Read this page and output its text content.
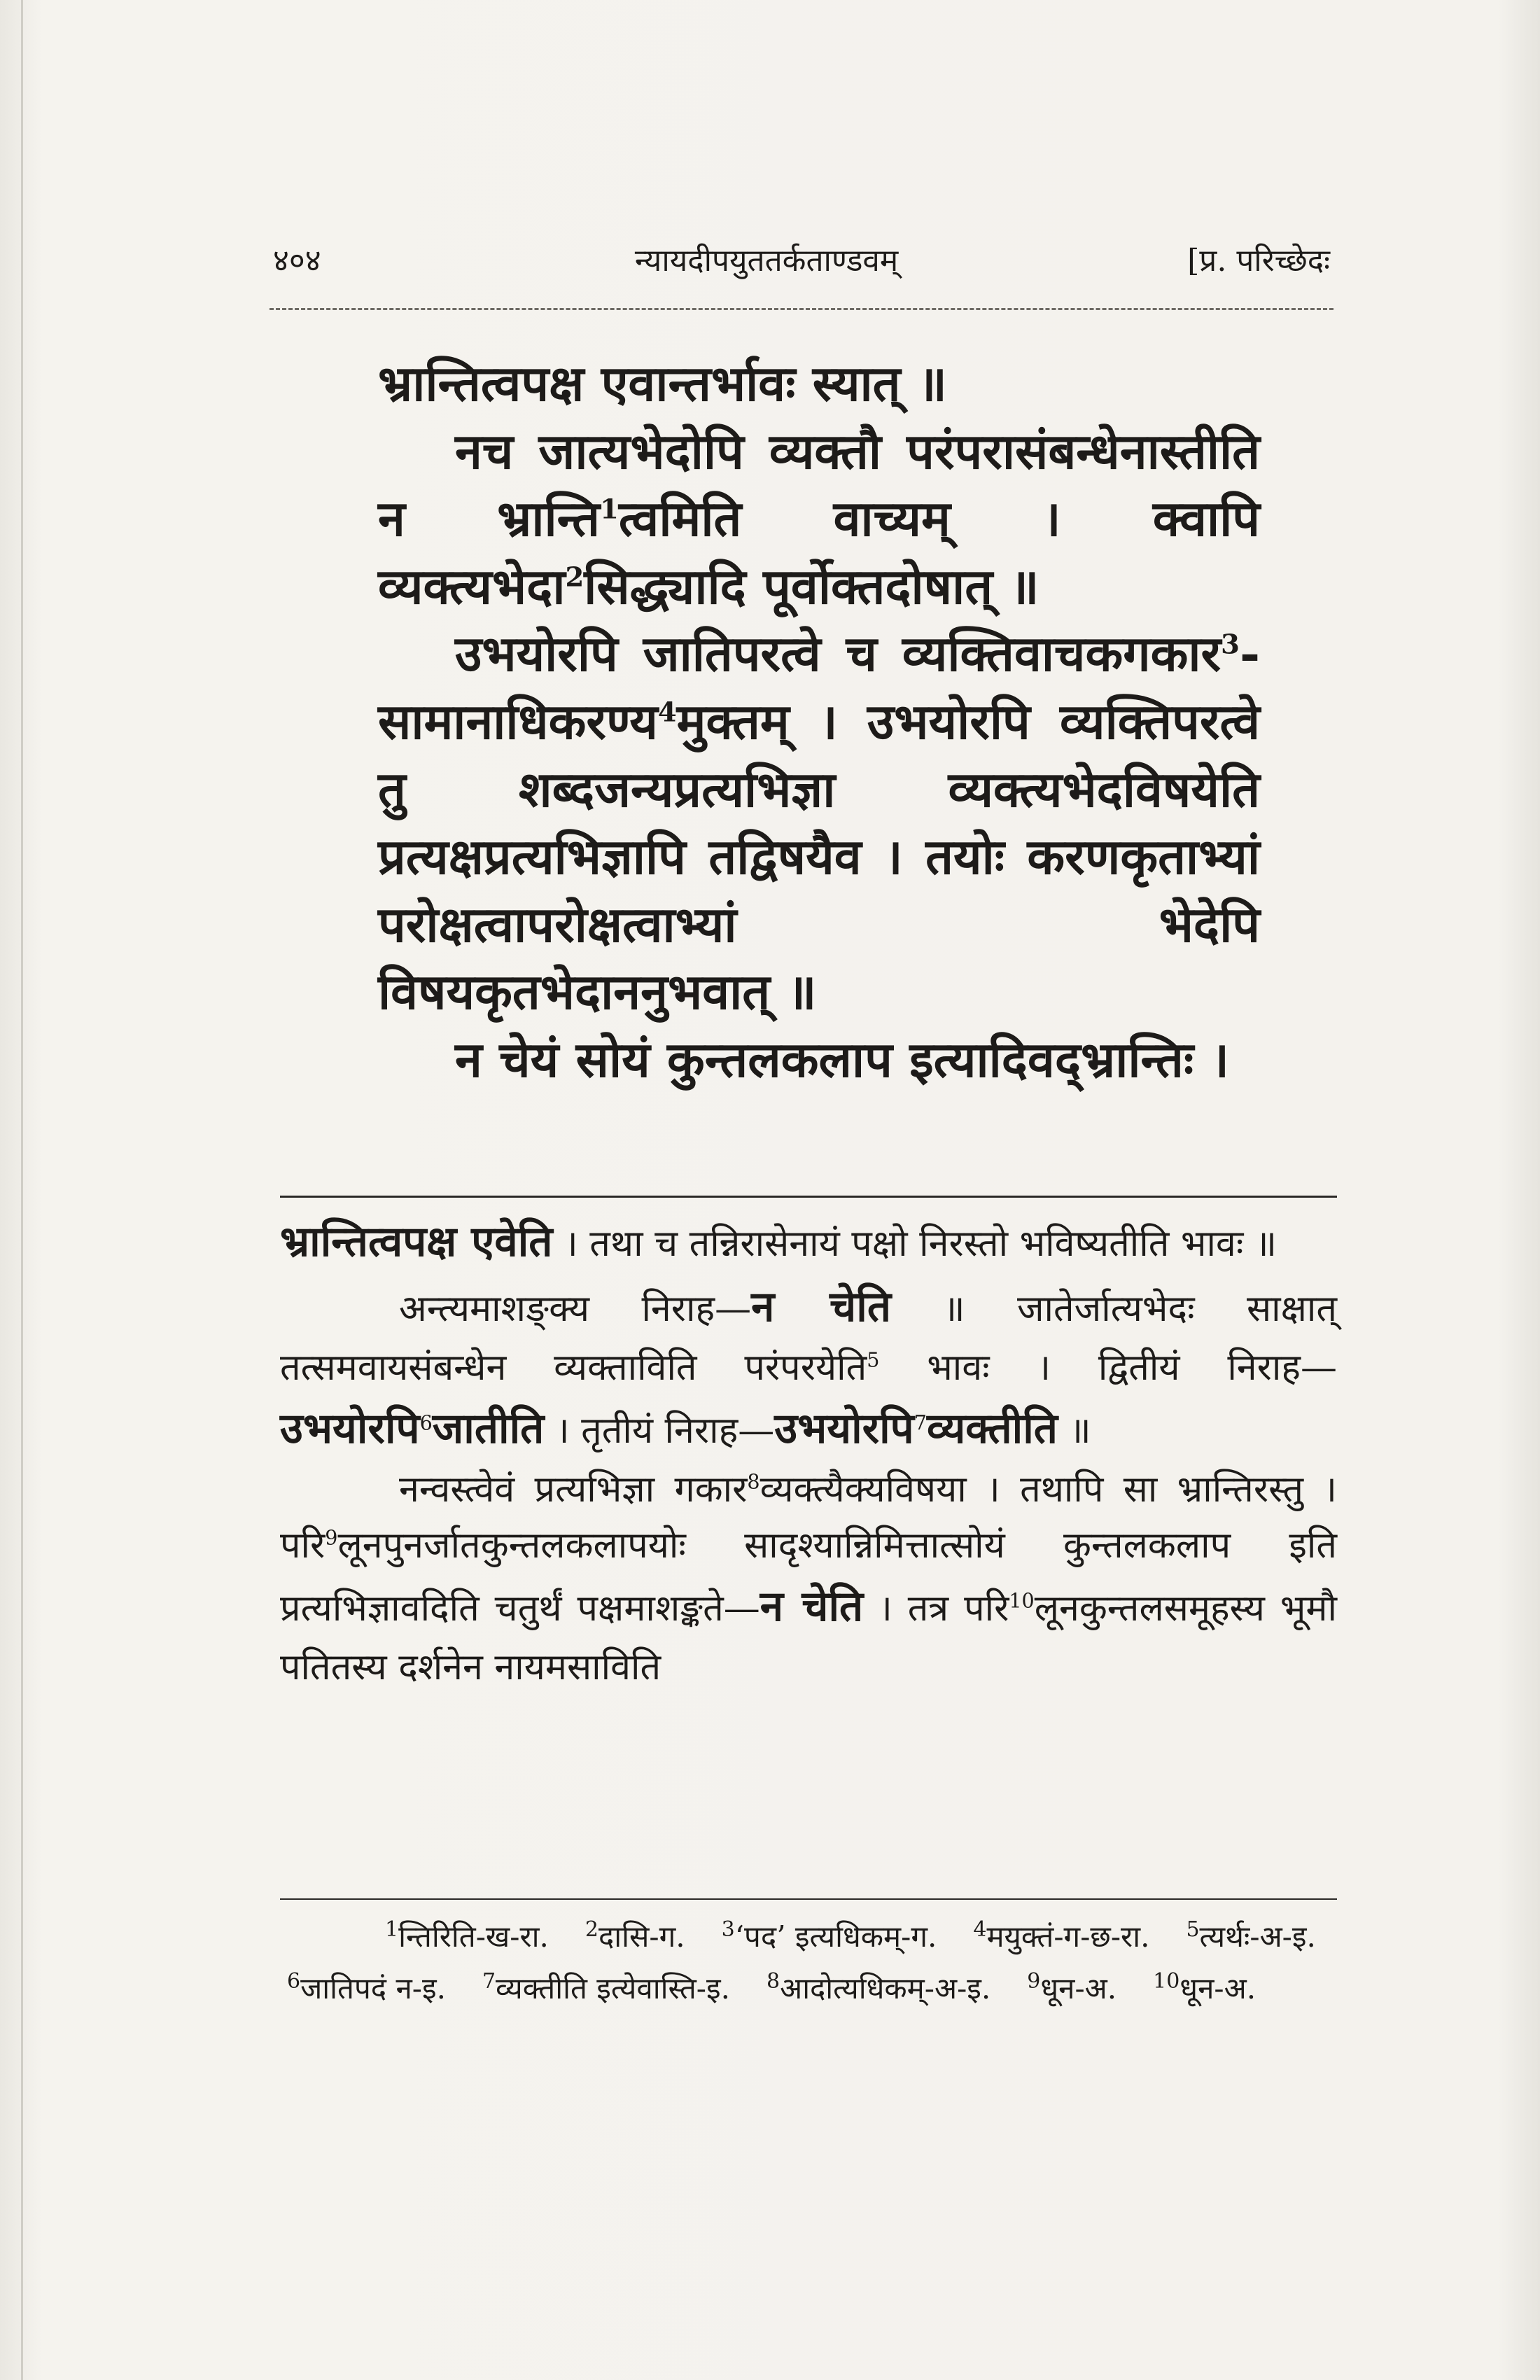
४०४	न्यायदीपयुततर्कताण्डवम्	[प्र. परिच्छेदः

भ्रान्तित्वपक्ष एवान्तर्भावः स्यात् ॥

नच जात्यभेदोपि व्यक्तौ परंपरासंबन्धेनास्तीति न भ्रान्ति$^1$त्वमिति वाच्यम् । क्वापि व्यक्त्यभेदा$^2$सिद्ध्यादि पूर्वोक्तदोषात् ॥

उभयोरपि जातिपरत्वे च व्यक्तिवाचकगकार$^3$-सामानाधिकरण्य$^4$मुक्तम् । उभयोरपि व्यक्तिपरत्वे तु शब्दजन्यप्रत्यभिज्ञा व्यक्त्यभेदविषयेति प्रत्यक्षप्रत्यभिज्ञापि तद्विषयैव । तयोः करणकृताभ्यां परोक्षत्वापरोक्षत्वाभ्यां भेदेपि विषयकृतभेदाननुभवात् ॥

न चेयं सोयं कुन्तलकलाप इत्यादिवद्भ्रान्तिः ।

भ्रान्तित्वपक्ष एवेति । तथा च तन्निरासेनायं पक्षो निरस्तो भविष्यतीति भावः ॥

अन्त्यमाशङ्क्य निराह—न चेति ॥ जातेर्जात्यभेदः साक्षात् तत्समवायसंबन्धेन व्यक्ताविति परंपरयेति$^5$ भावः । द्वितीयं निराह—उभयोरपि$^6$जातीति । तृतीयं निराह—उभयोरपि$^7$व्यक्तीति ॥

नन्वस्त्वेवं प्रत्यभिज्ञा गकार$^8$व्यक्त्यैक्यविषया । तथापि सा भ्रान्तिरस्तु । परि$^9$लूनपुनर्जातकुन्तलकलापयोः सादृश्यान्निमित्तात्सोयं कुन्तलकलाप इति प्रत्यभिज्ञावदिति चतुर्थं पक्षमाशङ्कते—न चेति । तत्र परि$^{10}$लूनकुन्तलसमूहस्य भूमौ पतितस्य दर्शनेन नायमसाविति

$^1$न्तिरिति-ख-रा. $^2$दासि-ग. $^3$‘पद’ इत्यधिकम्-ग. $^4$मयुक्तं-ग-छ-रा. $^5$त्यर्थः-अ-इ.
$^6$जातिपदं न-इ. $^7$व्यक्तीति इत्येवास्ति-इ. $^8$आदोत्यधिकम्-अ-इ. $^9$धून-अ. $^{10}$धून-अ.
